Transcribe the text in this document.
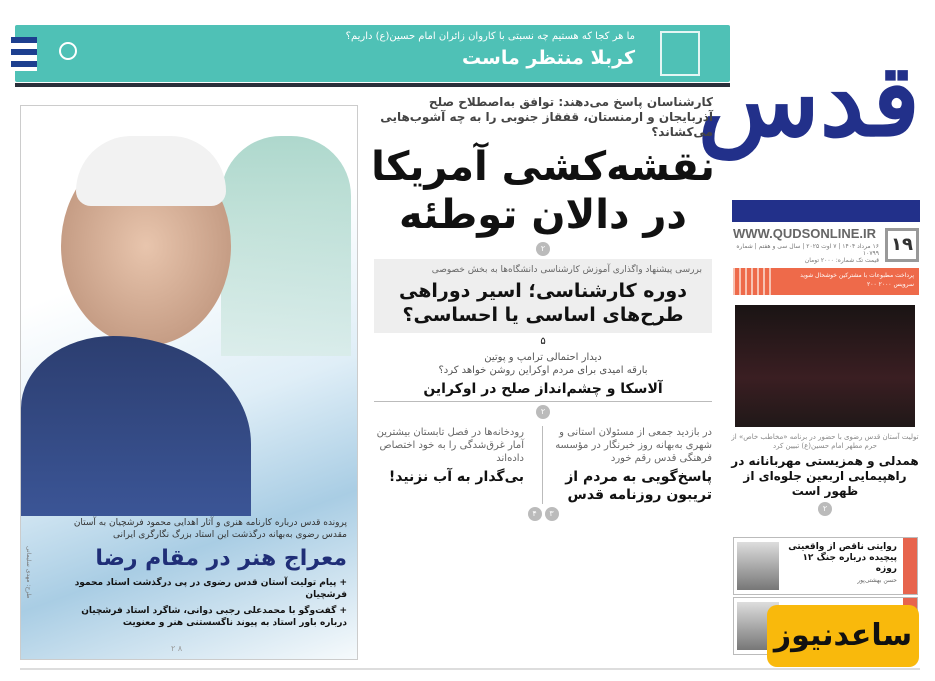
ما هر کجا که هستیم چه نسبتی با کاروان زائران امام حسین(ع) داریم؟
کربلا منتظر ماست قدس
WWW.QUDSONLINE.IR
۱۶ مرداد ۱۴۰۴ | ۷ اوت ۲۰۲۵ | سال سی و هفتم | شماره ۱۰۷۹۹
قیمت تک شماره: ۲۰۰۰ تومان
۱۹
پرداخت مطبوعات با مشترکین خوشحال شوید
سرویس ۲۰۰۰ ۲۰۰
کارشناسان پاسخ می‌دهند: توافق به‌اصطلاح صلح آذربایجان و ارمنستان، قفقاز جنوبی را به چه آشوب‌هایی می‌کشاند؟
نقشه‌کشی آمریکا در دالان توطئه
۲
بررسی پیشنهاد واگذاری آموزش کارشناسی دانشگاه‌ها به بخش خصوصی
دوره کارشناسی؛ اسیر دوراهی طرح‌های اساسی یا احساسی؟
۵
دیدار احتمالی ترامپ و پوتین
بارقه امیدی برای مردم اوکراین روشن خواهد کرد؟
آلاسکا و چشم‌انداز صلح در اوکراین
۲
رودخانه‌ها در فصل تابستان بیشترین آمار غرق‌شدگی را به خود اختصاص داده‌اند
بی‌گدار به آب نزنید!
در بازدید جمعی از مسئولان استانی و شهری به‌بهانه روز خبرنگار در مؤسسه فرهنگی قدس رقم خورد
پاسخ‌گویی به مردم از تریبون روزنامه قدس
۴	۳
پرونده قدس درباره کارنامه هنری و آثار اهدایی محمود فرشچیان به آستان مقدس رضوی به‌بهانه درگذشت این استاد بزرگ نگارگری ایرانی
معراج هنر در مقام رضا
+ پیام تولیت آستان قدس رضوی در پی درگذشت استاد محمود فرشچیان
+ گفت‌وگو با محمدعلی رجبی دوانی، شاگرد استاد فرشچیان درباره باور استاد به پیوند ناگسستنی هنر و معنویت
طرح: مهدی سلیمانی
۲ ۸
تولیت آستان قدس رضوی با حضور در برنامه «مخاطب خاص» از حرم مطهر امام حسین(ع) تبیین کرد
همدلی و همزیستی مهربانانه در راهپیمایی اربعین جلوه‌ای از ظهور است
۲
روایتی ناقص از واقعیتی پیچیده درباره جنگ ۱۲ روزه
حسن بهشتی‌پور
ساعدنیوز
